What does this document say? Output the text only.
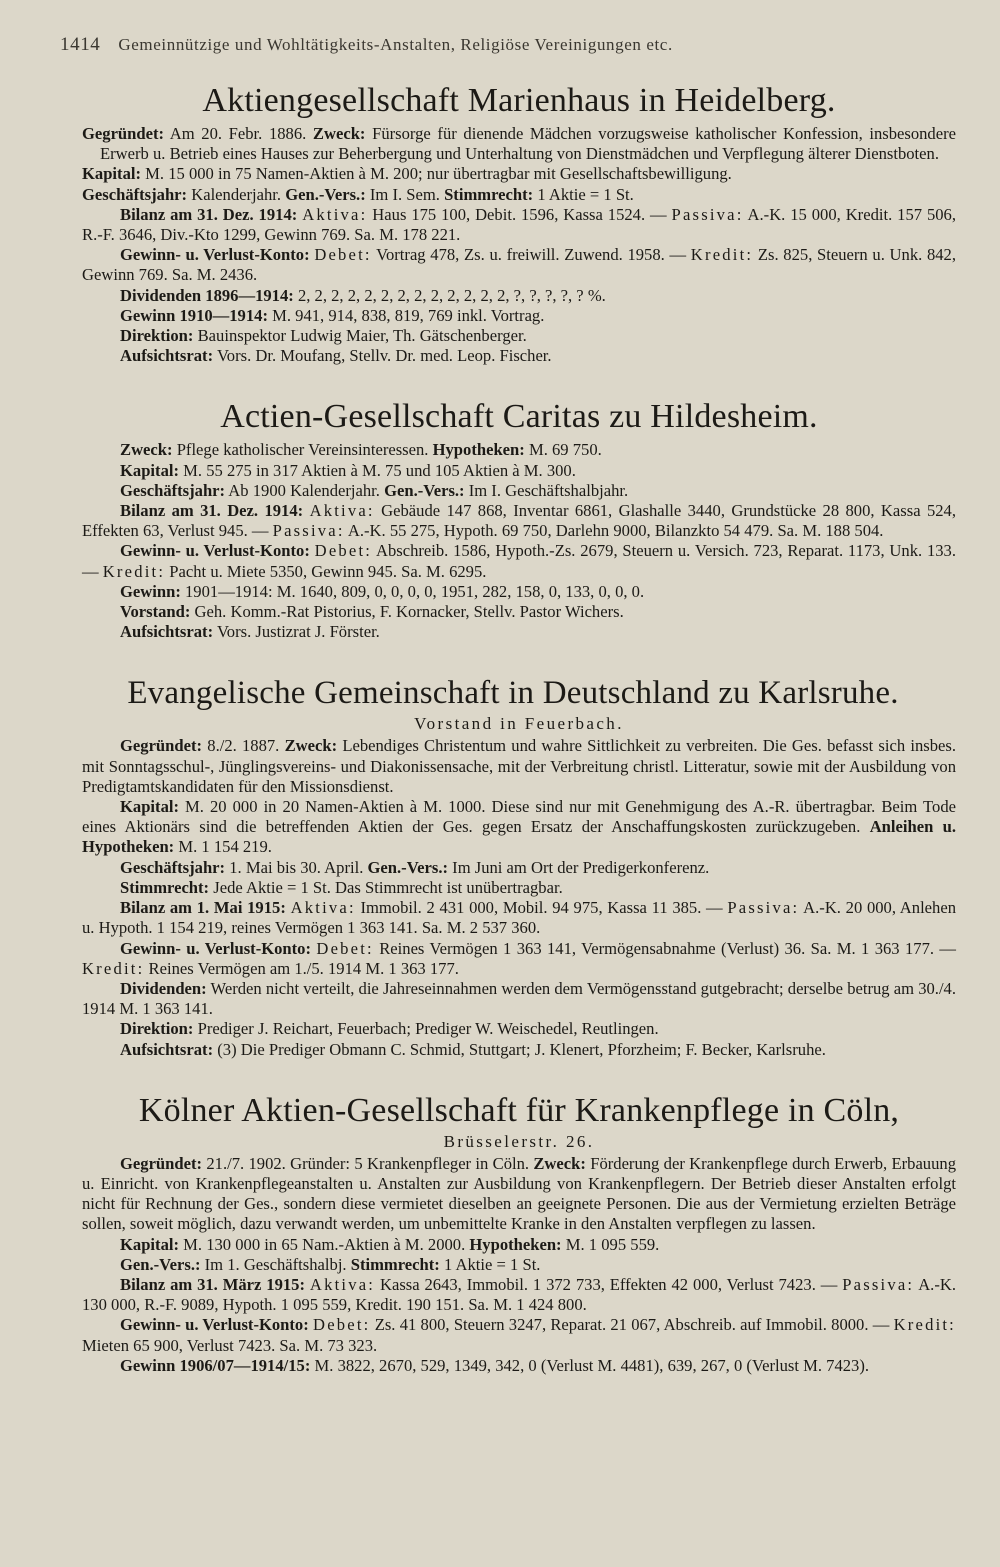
1414 Gemeinnützige und Wohltätigkeits-Anstalten, Religiöse Vereinigungen etc.
Aktiengesellschaft Marienhaus in Heidelberg.

Gegründet: Am 20. Febr. 1886. Zweck: Fürsorge für dienende Mädchen vorzugsweise katholischer Konfession, insbesondere Erwerb u. Betrieb eines Hauses zur Beherbergung und Unterhaltung von Dienstmädchen und Verpflegung älterer Dienstboten.

Kapital: M. 15 000 in 75 Namen-Aktien à M. 200; nur übertragbar mit Gesellschaftsbewilligung.

Geschäftsjahr: Kalenderjahr. Gen.-Vers.: Im I. Sem. Stimmrecht: 1 Aktie = 1 St.

Bilanz am 31. Dez. 1914: Aktiva: Haus 175 100, Debit. 1596, Kassa 1524. — Passiva: A.-K. 15 000, Kredit. 157 506, R.-F. 3646, Div.-Kto 1299, Gewinn 769. Sa. M. 178 221.

Gewinn- u. Verlust-Konto: Debet: Vortrag 478, Zs. u. freiwill. Zuwend. 1958. — Kredit: Zs. 825, Steuern u. Unk. 842, Gewinn 769. Sa. M. 2436.

Dividenden 1896—1914: 2, 2, 2, 2, 2, 2, 2, 2, 2, 2, 2, 2, 2, ?, ?, ?, ?, ? %.

Gewinn 1910—1914: M. 941, 914, 838, 819, 769 inkl. Vortrag.

Direktion: Bauinspektor Ludwig Maier, Th. Gätschenberger.

Aufsichtsrat: Vors. Dr. Moufang, Stellv. Dr. med. Leop. Fischer.

Actien-Gesellschaft Caritas zu Hildesheim.

Zweck: Pflege katholischer Vereinsinteressen. Hypotheken: M. 69 750.

Kapital: M. 55 275 in 317 Aktien à M. 75 und 105 Aktien à M. 300.

Geschäftsjahr: Ab 1900 Kalenderjahr. Gen.-Vers.: Im I. Geschäftshalbjahr.

Bilanz am 31. Dez. 1914: Aktiva: Gebäude 147 868, Inventar 6861, Glashalle 3440, Grundstücke 28 800, Kassa 524, Effekten 63, Verlust 945. — Passiva: A.-K. 55 275, Hypoth. 69 750, Darlehn 9000, Bilanzkto 54 479. Sa. M. 188 504.

Gewinn- u. Verlust-Konto: Debet: Abschreib. 1586, Hypoth.-Zs. 2679, Steuern u. Versich. 723, Reparat. 1173, Unk. 133. — Kredit: Pacht u. Miete 5350, Gewinn 945. Sa. M. 6295.

Gewinn: 1901—1914: M. 1640, 809, 0, 0, 0, 0, 1951, 282, 158, 0, 133, 0, 0, 0.

Vorstand: Geh. Komm.-Rat Pistorius, F. Kornacker, Stellv. Pastor Wichers.

Aufsichtsrat: Vors. Justizrat J. Förster.

Evangelische Gemeinschaft in Deutschland zu Karlsruhe.
Vorstand in Feuerbach.

Gegründet: 8./2. 1887. Zweck: Lebendiges Christentum und wahre Sittlichkeit zu verbreiten. Die Ges. befasst sich insbes. mit Sonntagsschul-, Jünglingsvereins- und Diakonissensache, mit der Verbreitung christl. Litteratur, sowie mit der Ausbildung von Predigtamtskandidaten für den Missionsdienst.

Kapital: M. 20 000 in 20 Namen-Aktien à M. 1000. Diese sind nur mit Genehmigung des A.-R. übertragbar. Beim Tode eines Aktionärs sind die betreffenden Aktien der Ges. gegen Ersatz der Anschaffungskosten zurückzugeben. Anleihen u. Hypotheken: M. 1 154 219.

Geschäftsjahr: 1. Mai bis 30. April. Gen.-Vers.: Im Juni am Ort der Predigerkonferenz.

Stimmrecht: Jede Aktie = 1 St. Das Stimmrecht ist unübertragbar.

Bilanz am 1. Mai 1915: Aktiva: Immobil. 2 431 000, Mobil. 94 975, Kassa 11 385. — Passiva: A.-K. 20 000, Anlehen u. Hypoth. 1 154 219, reines Vermögen 1 363 141. Sa. M. 2 537 360.

Gewinn- u. Verlust-Konto: Debet: Reines Vermögen 1 363 141, Vermögensabnahme (Verlust) 36. Sa. M. 1 363 177. — Kredit: Reines Vermögen am 1./5. 1914 M. 1 363 177.

Dividenden: Werden nicht verteilt, die Jahreseinnahmen werden dem Vermögensstand gutgebracht; derselbe betrug am 30./4. 1914 M. 1 363 141.

Direktion: Prediger J. Reichart, Feuerbach; Prediger W. Weischedel, Reutlingen.

Aufsichtsrat: (3) Die Prediger Obmann C. Schmid, Stuttgart; J. Klenert, Pforzheim; F. Becker, Karlsruhe.

Kölner Aktien-Gesellschaft für Krankenpflege in Cöln,
Brüsselerstr. 26.

Gegründet: 21./7. 1902. Gründer: 5 Krankenpfleger in Cöln. Zweck: Förderung der Krankenpflege durch Erwerb, Erbauung u. Einricht. von Krankenpflegeanstalten u. Anstalten zur Ausbildung von Krankenpflegern. Der Betrieb dieser Anstalten erfolgt nicht für Rechnung der Ges., sondern diese vermietet dieselben an geeignete Personen. Die aus der Vermietung erzielten Beträge sollen, soweit möglich, dazu verwandt werden, um unbemittelte Kranke in den Anstalten verpflegen zu lassen.

Kapital: M. 130 000 in 65 Nam.-Aktien à M. 2000. Hypotheken: M. 1 095 559.

Gen.-Vers.: Im 1. Geschäftshalbj. Stimmrecht: 1 Aktie = 1 St.

Bilanz am 31. März 1915: Aktiva: Kassa 2643, Immobil. 1 372 733, Effekten 42 000, Verlust 7423. — Passiva: A.-K. 130 000, R.-F. 9089, Hypoth. 1 095 559, Kredit. 190 151. Sa. M. 1 424 800.

Gewinn- u. Verlust-Konto: Debet: Zs. 41 800, Steuern 3247, Reparat. 21 067, Abschreib. auf Immobil. 8000. — Kredit: Mieten 65 900, Verlust 7423. Sa. M. 73 323.

Gewinn 1906/07—1914/15: M. 3822, 2670, 529, 1349, 342, 0 (Verlust M. 4481), 639, 267, 0 (Verlust M. 7423).
